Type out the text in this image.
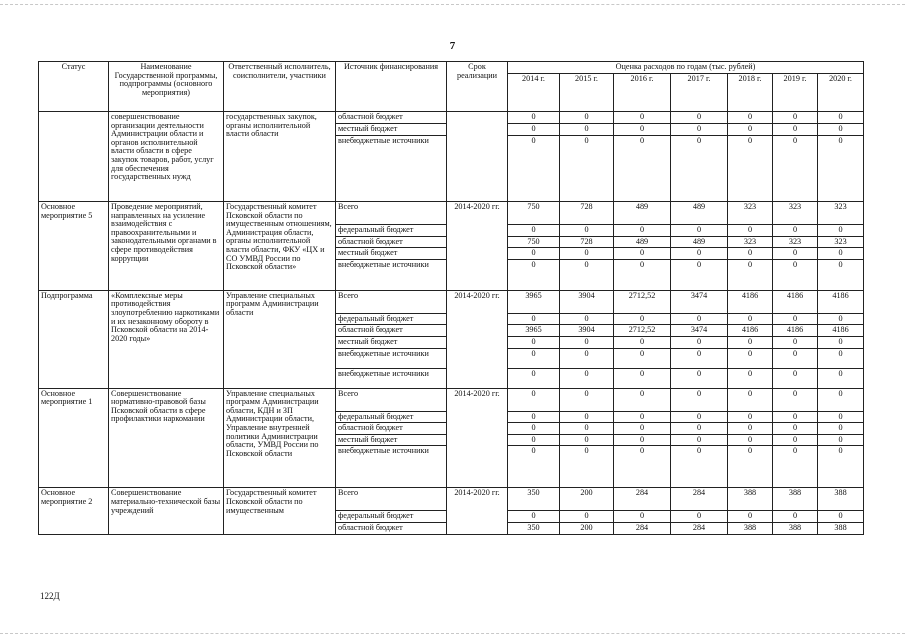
7
Статус	Наименование Государственной программы, подпрограммы (основного мероприятия)	Ответственный исполнитель, соисполнители, участники	Источник финансирования	Срок реализации	Оценка расходов по годам (тыс. рублей)						
					2014 г.	2015 г.	2016 г.	2017 г.	2018 г.	2019 г.	2020 г.
	совершенствование организации деятельности Администрации области и органов исполнительной власти области в сфере закупок товаров, работ, услуг для обеспечения государственных нужд	государственных закупок, органы исполнительной власти области	областной бюджет		0	0	0	0	0	0	0
			местный бюджет		0	0	0	0	0	0	0
			внебюджетные источники		0	0	0	0	0	0	0
Основное мероприятие 5	Проведение мероприятий, направленных на усиление взаимодействия с правоохранительными и законодательными органами в сфере противодействия коррупции	Государственный комитет Псковской области по имущественным отношениям, Администрация области, органы исполнительной власти области, ФКУ «ЦХ и СО УМВД России по Псковской области»	Всего	2014-2020 гг.	750	728	489	489	323	323	323
			федеральный бюджет		0	0	0	0	0	0	0
			областной бюджет		750	728	489	489	323	323	323
			местный бюджет		0	0	0	0	0	0	0
			внебюджетные источники		0	0	0	0	0	0	0
Подпрограмма	«Комплексные меры противодействия злоупотреблению наркотиками и их незаконному обороту в Псковской области на 2014-2020 годы»	Управление специальных программ Администрации области	Всего	2014-2020 гг.	3965	3904	2712,52	3474	4186	4186	4186
			федеральный бюджет		0	0	0	0	0	0	0
			областной бюджет		3965	3904	2712,52	3474	4186	4186	4186
			местный бюджет		0	0	0	0	0	0	0
			внебюджетные источники		0	0	0	0	0	0	0
			внебюджетные источники		0	0	0	0	0	0	0
Основное мероприятие 1	Совершенствование нормативно-правовой базы Псковской области в сфере профилактики наркомании	Управление специальных программ Администрации области, КДН и ЗП Администрации области, Управление внутренней политики Администрации области, УМВД России по Псковской области	Всего	2014-2020 гг.	0	0	0	0	0	0	0
			федеральный бюджет		0	0	0	0	0	0	0
			областной бюджет		0	0	0	0	0	0	0
			местный бюджет		0	0	0	0	0	0	0
			внебюджетные источники		0	0	0	0	0	0	0
Основное мероприятие 2	Совершенствование материально-технической базы учреждений	Государственный комитет Псковской области по имущественным	Всего	2014-2020 гг.	350	200	284	284	388	388	388
			федеральный бюджет		0	0	0	0	0	0	0
			областной бюджет		350	200	284	284	388	388	388
122Д
